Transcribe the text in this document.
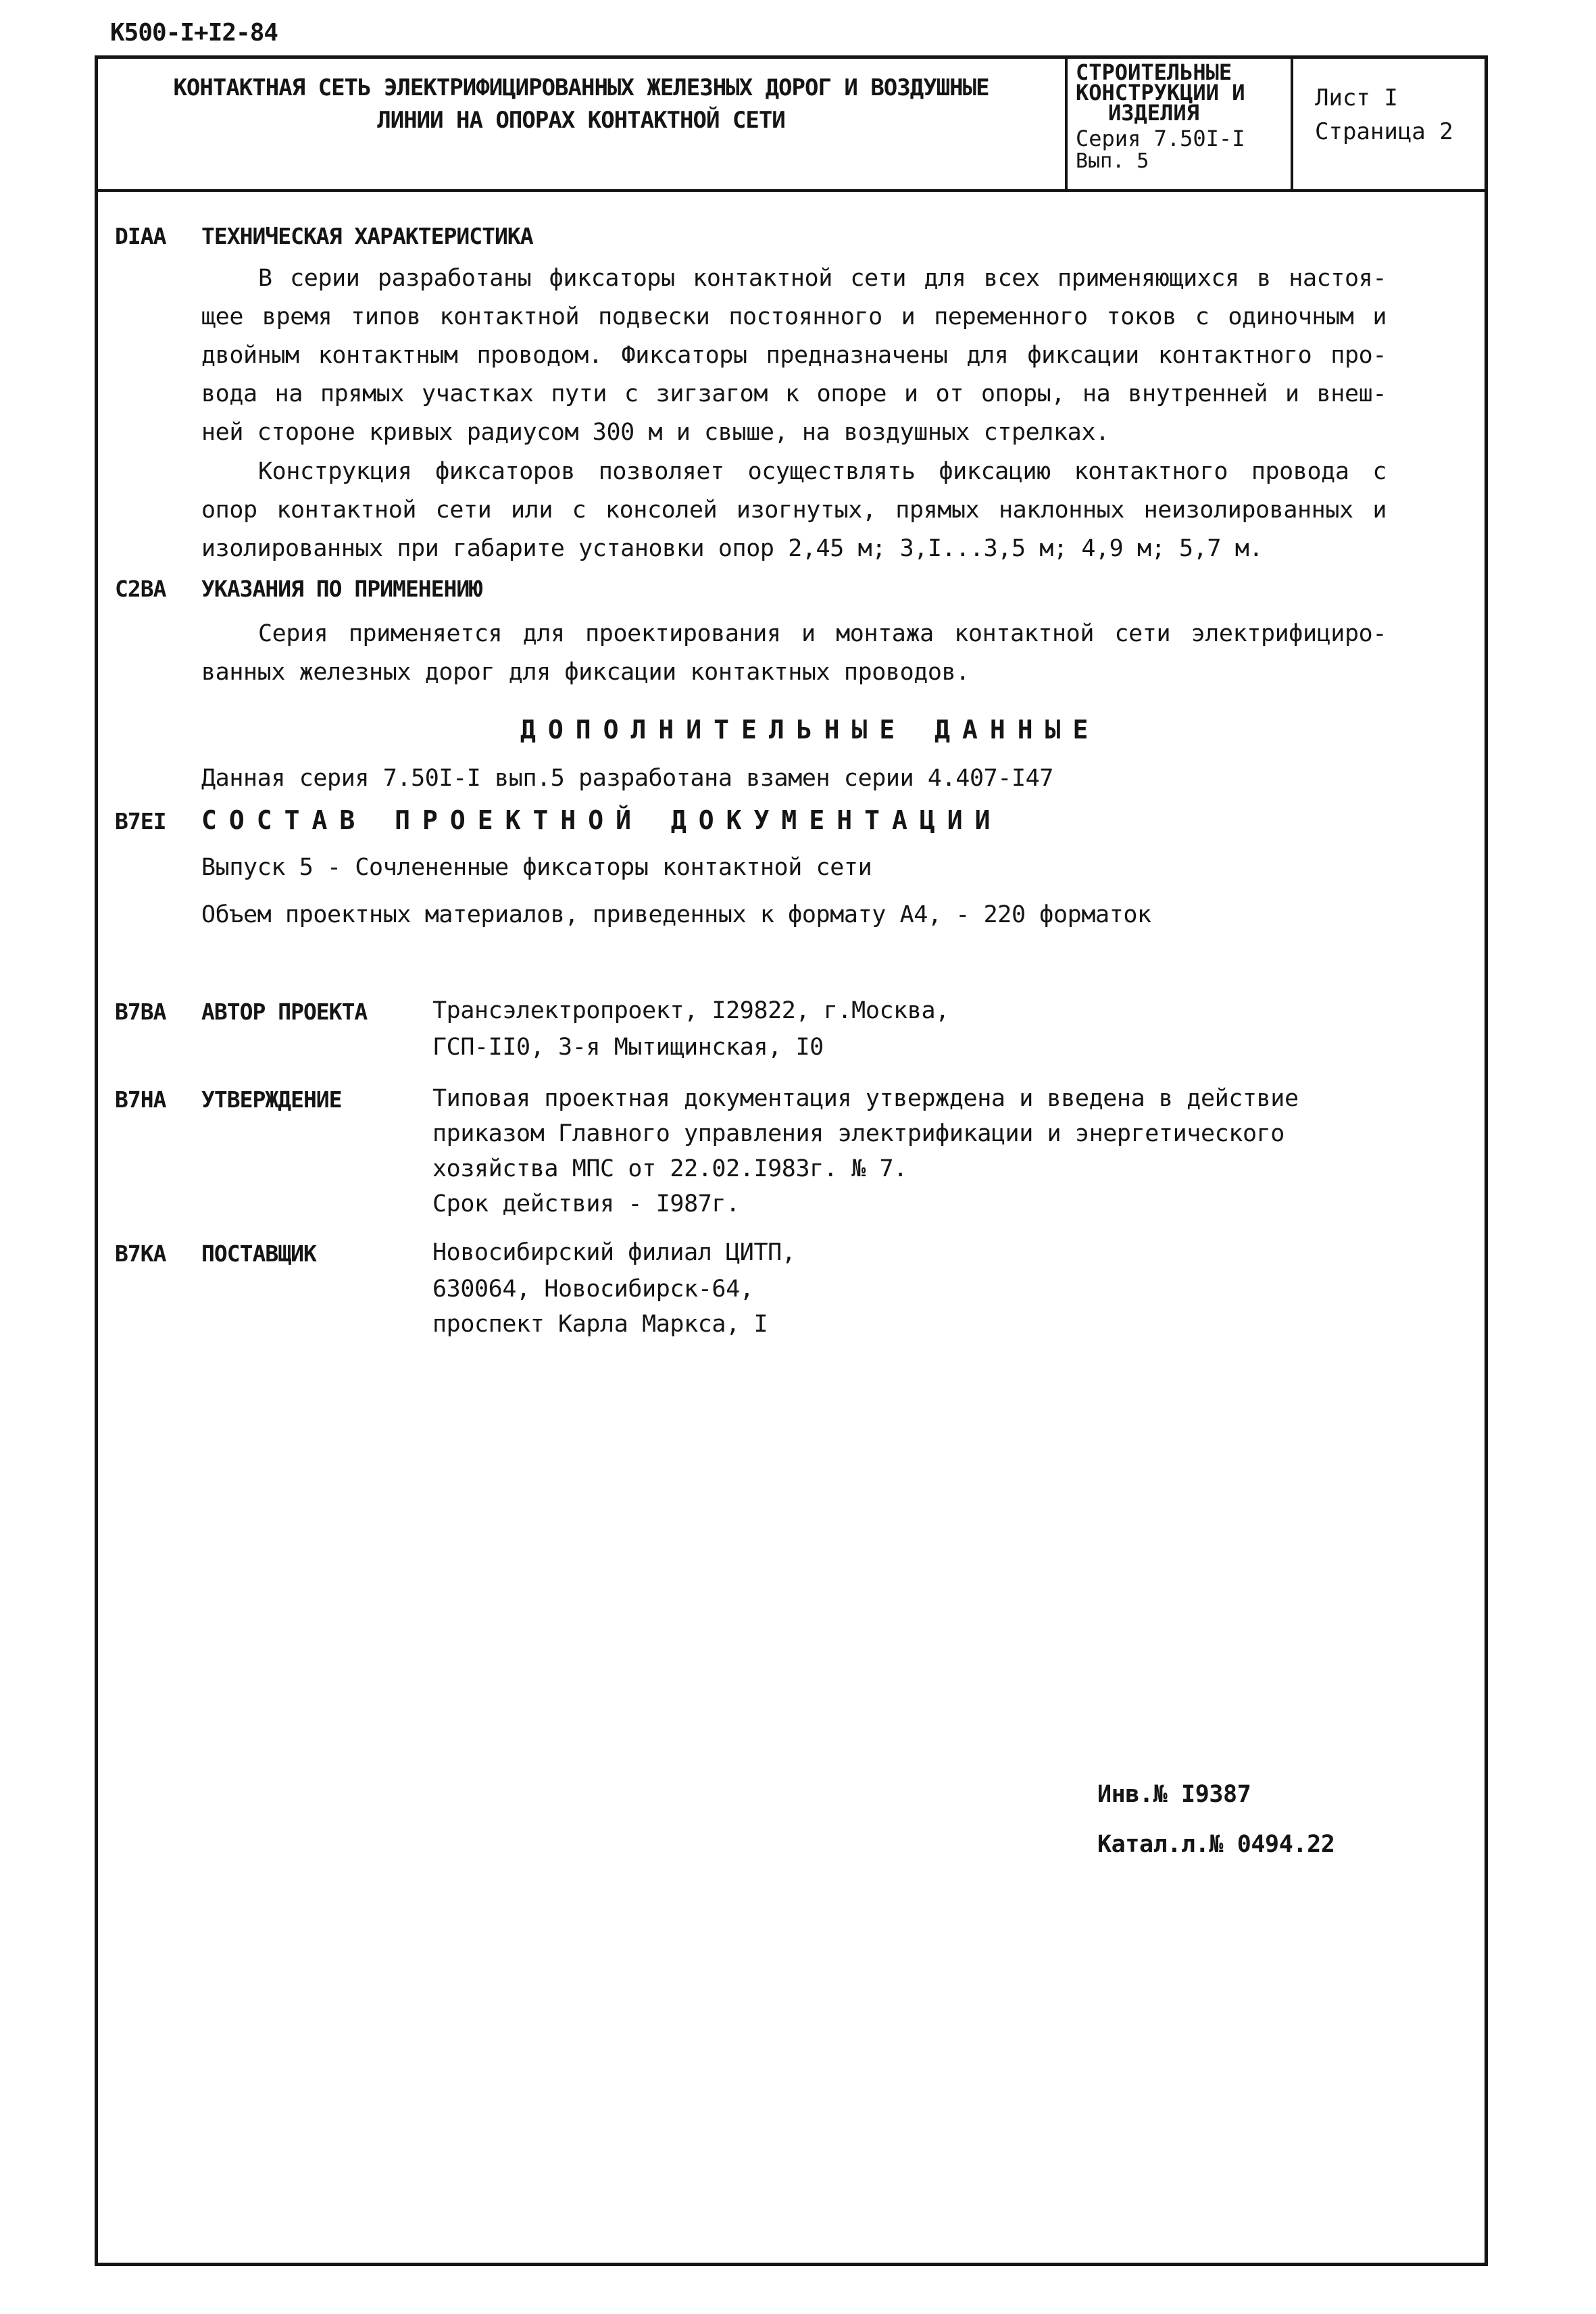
К500-I+I2-84
КОНТАКТНАЯ СЕТЬ ЭЛЕКТРИФИЦИРОВАННЫХ ЖЕЛЕЗНЫХ ДОРОГ И ВОЗДУШНЫЕ
ЛИНИИ НА ОПОРАХ КОНТАКТНОЙ СЕТИ
СТРОИТЕЛЬНЫЕ
КОНСТРУКЦИИ И
ИЗДЕЛИЯ
Серия 7.50I-I
Вып. 5
Лист I
Страница 2
DIAA ТЕХНИЧЕСКАЯ ХАРАКТЕРИСТИКА
В серии разработаны фиксаторы контактной сети для всех применяющихся в настоя-
щее время типов контактной подвески постоянного и переменного токов с одиночным и
двойным контактным проводом. Фиксаторы предназначены для фиксации контактного про-
вода на прямых участках пути с зигзагом к опоре и от опоры, на внутренней и внеш-
ней стороне кривых радиусом 300 м и свыше, на воздушных стрелках.
Конструкция фиксаторов позволяет осуществлять фиксацию контактного провода с
опор контактной сети или с консолей изогнутых, прямых наклонных неизолированных и
изолированных при габарите установки опор 2,45 м; 3,I...3,5 м; 4,9 м; 5,7 м.
C2BA УКАЗАНИЯ ПО ПРИМЕНЕНИЮ
Серия применяется для проектирования и монтажа контактной сети электрифициро-
ванных железных дорог для фиксации контактных проводов.
ДОПОЛНИТЕЛЬНЫЕ ДАННЫЕ
Данная серия 7.50I-I вып.5 разработана взамен серии 4.407-I47
B7EI СОСТАВ ПРОЕКТНОЙ ДОКУМЕНТАЦИИ
Выпуск 5 - Сочлененные фиксаторы контактной сети
Объем проектных материалов, приведенных к формату А4, - 220 форматок
B7BA АВТОР ПРОЕКТА	Трансэлектропроект, I29822, г.Москва,
ГСП-II0, 3-я Мытищинская, I0
B7HA УТВЕРЖДЕНИЕ	Типовая проектная документация утверждена и введена в действие
приказом Главного управления электрификации и энергетического
хозяйства МПС от 22.02.I983г. № 7.
Срок действия - I987г.
B7KA ПОСТАВЩИК	Новосибирский филиал ЦИТП,
630064, Новосибирск-64,
проспект Карла Маркса, I
Инв.№ I9387
Катал.л.№ 0494.22
